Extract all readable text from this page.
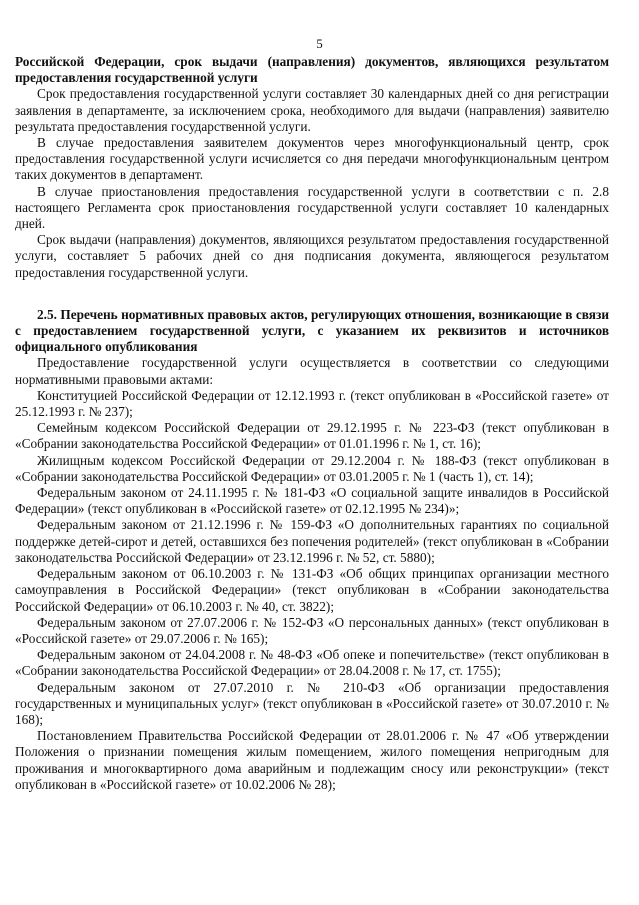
5

Российской Федерации, срок выдачи (направления) документов, являющихся результатом предоставления государственной услуги

Срок предоставления государственной услуги составляет 30 календарных дней со дня регистрации заявления в департаменте, за исключением срока, необходимого для выдачи (направления) заявителю результата предоставления государственной услуги.

В случае предоставления заявителем документов через многофункциональный центр, срок предоставления государственной услуги исчисляется со дня передачи многофункциональным центром таких документов в департамент.

В случае приостановления предоставления государственной услуги в соответствии с п. 2.8 настоящего Регламента срок приостановления государственной услуги составляет 10 календарных дней.

Срок выдачи (направления) документов, являющихся результатом предоставления государственной услуги, составляет 5 рабочих дней со дня подписания документа, являющегося результатом предоставления государственной услуги.

2.5. Перечень нормативных правовых актов, регулирующих отношения, возникающие в связи с предоставлением государственной услуги, с указанием их реквизитов и источников официального опубликования

Предоставление государственной услуги осуществляется в соответствии со следующими нормативными правовыми актами:

Конституцией Российской Федерации от 12.12.1993 г. (текст опубликован в «Российской газете» от 25.12.1993 г. № 237);

Семейным кодексом Российской Федерации от 29.12.1995 г. № 223-ФЗ (текст опубликован в «Собрании законодательства Российской Федерации» от 01.01.1996 г. № 1, ст. 16);

Жилищным кодексом Российской Федерации от 29.12.2004 г. № 188-ФЗ (текст опубликован в «Собрании законодательства Российской Федерации» от 03.01.2005 г. № 1 (часть 1), ст. 14);

Федеральным законом от 24.11.1995 г. № 181-ФЗ «О социальной защите инвалидов в Российской Федерации» (текст опубликован в «Российской газете» от 02.12.1995 № 234)»;

Федеральным законом от 21.12.1996 г. № 159-ФЗ «О дополнительных гарантиях по социальной поддержке детей-сирот и детей, оставшихся без попечения родителей» (текст опубликован в «Собрании законодательства Российской Федерации» от 23.12.1996 г. № 52, ст. 5880);

Федеральным законом от 06.10.2003 г. № 131-ФЗ «Об общих принципах организации местного самоуправления в Российской Федерации» (текст опубликован в «Собрании законодательства Российской Федерации» от 06.10.2003 г. № 40, ст. 3822);

Федеральным законом от 27.07.2006 г. № 152-ФЗ «О персональных данных» (текст опубликован в «Российской газете» от 29.07.2006 г. № 165);

Федеральным законом от 24.04.2008 г. № 48-ФЗ «Об опеке и попечительстве» (текст опубликован в «Собрании законодательства Российской Федерации» от 28.04.2008 г. № 17, ст. 1755);

Федеральным законом от 27.07.2010 г. № 210-ФЗ «Об организации предоставления государственных и муниципальных услуг» (текст опубликован в «Российской газете» от 30.07.2010 г. № 168);

Постановлением Правительства Российской Федерации от 28.01.2006 г. № 47 «Об утверждении Положения о признании помещения жилым помещением, жилого помещения непригодным для проживания и многоквартирного дома аварийным и подлежащим сносу или реконструкции» (текст опубликован в «Российской газете» от 10.02.2006 № 28);
